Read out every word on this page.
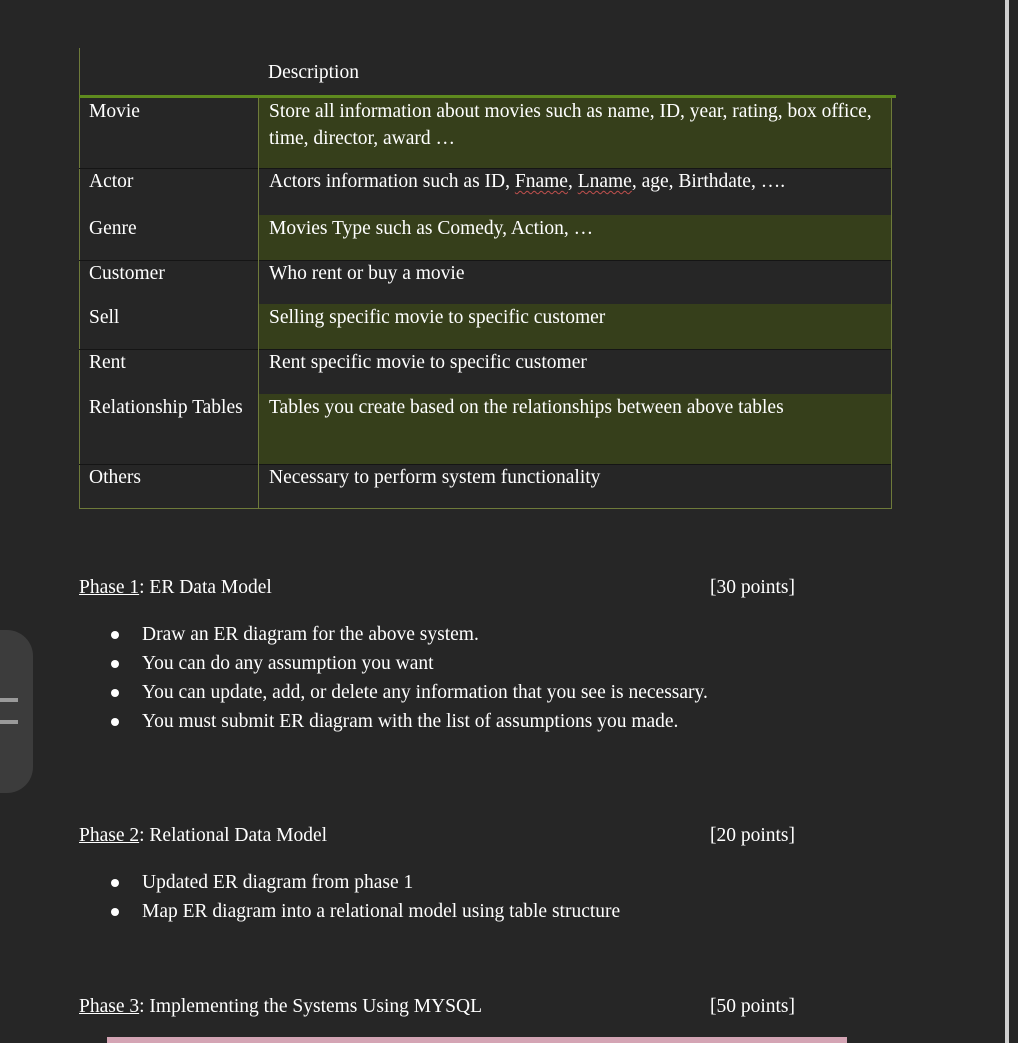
Description
Movie	Store all information about movies such as name, ID, year, rating, box office, time, director, award …
Actor	Actors information such as ID, Fname, Lname, age, Birthdate, ….
Genre	Movies Type such as Comedy, Action, …
Customer	Who rent or buy a movie
Sell	Selling specific movie to specific customer
Rent	Rent specific movie to specific customer
Relationship Tables	Tables you create based on the relationships between above tables
Others	Necessary to perform system functionality
Phase 1: ER Data Model	[30 points]
Draw an ER diagram for the above system.
You can do any assumption you want
You can update, add, or delete any information that you see is necessary.
You must submit ER diagram with the list of assumptions you made.
Phase 2: Relational Data Model	[20 points]
Updated ER diagram from phase 1
Map ER diagram into a relational model using table structure
Phase 3: Implementing the Systems Using MYSQL	[50 points]
